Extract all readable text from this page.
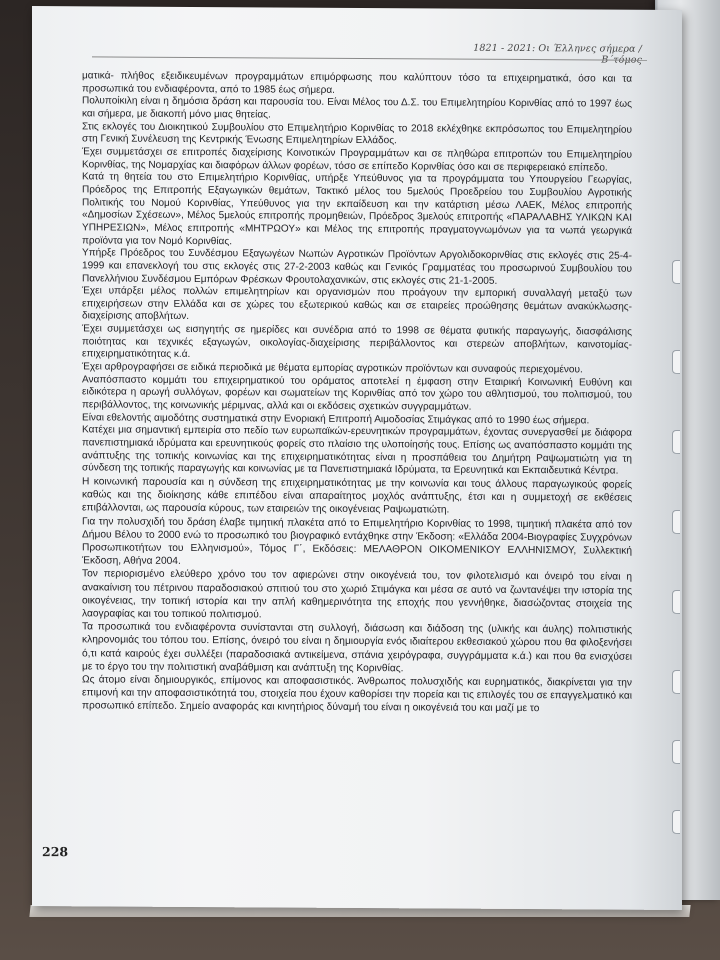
1821 - 2021: Οι Έλληνες σήμερα /

ματικά- πλήθος εξειδικευμένων προγραμμάτων επιμόρφωσης που καλύπτουν τόσο τα επιχειρηματικά, όσο και τα προσωπικά του ενδιαφέροντα, από το 1985 έως σήμερα.

Πολυποίκιλη είναι η δημόσια δράση και παρουσία του. Είναι Μέλος του Δ.Σ. του Επιμελητηρίου Κορινθίας από το 1997 έως και σήμερα, με διακοπή μόνο μιας θητείας.

Στις εκλογές του Διοικητικού Συμβουλίου στο Επιμελητήριο Κορινθίας το 2018 εκλέχθηκε εκπρόσωπος του Επιμελητηρίου στη Γενική Συνέλευση της Κεντρικής Ένωσης Επιμελητηρίων Ελλάδος.

Έχει συμμετάσχει σε επιτροπές διαχείρισης Κοινοτικών Προγραμμάτων και σε πληθώρα επιτροπών του Επιμελητηρίου Κορινθίας, της Νομαρχίας και διαφόρων άλλων φορέων, τόσο σε επίπεδο Κορινθίας όσο και σε περιφερειακό επίπεδο.

Κατά τη θητεία του στο Επιμελητήριο Κορινθίας, υπήρξε Υπεύθυνος για τα προγράμματα του Υπουργείου Γεωργίας, Πρόεδρος της Επιτροπής Εξαγωγικών θεμάτων, Τακτικό μέλος του 5μελούς Προεδρείου του Συμβουλίου Αγροτικής Πολιτικής του Νομού Κορινθίας, Υπεύθυνος για την εκπαίδευση και την κατάρτιση μέσω ΛΑΕΚ, Μέλος επιτροπής «Δημοσίων Σχέσεων», Μέλος 5μελούς επιτροπής προμηθειών, Πρόεδρος 3μελούς επιτροπής «ΠΑΡΑΛΑΒΗΣ ΥΛΙΚΩΝ ΚΑΙ ΥΠΗΡΕΣΙΩΝ», Μέλος επιτροπής «ΜΗΤΡΩΟΥ» και Μέλος της επιτροπής πραγματογνωμόνων για τα νωπά γεωργικά προϊόντα για τον Νομό Κορινθίας.

Υπήρξε Πρόεδρος του Συνδέσμου Εξαγωγέων Νωπών Αγροτικών Προϊόντων Αργολιδοκορινθίας στις εκλογές στις 25-4-1999 και επανεκλογή του στις εκλογές στις 27-2-2003 καθώς και Γενικός Γραμματέας του προσωρινού Συμβουλίου του Πανελλήνιου Συνδέσμου Εμπόρων Φρέσκων Φρουτολαχανικών, στις εκλογές στις 21-1-2005.

Έχει υπάρξει μέλος πολλών επιμελητηρίων και οργανισμών που προάγουν την εμπορική συναλλαγή μεταξύ των επιχειρήσεων στην Ελλάδα και σε χώρες του εξωτερικού καθώς και σε εταιρείες προώθησης θεμάτων ανακύκλωσης-διαχείρισης αποβλήτων.

Έχει συμμετάσχει ως εισηγητής σε ημερίδες και συνέδρια από το 1998 σε θέματα φυτικής παραγωγής, διασφάλισης ποιότητας και τεχνικές εξαγωγών, οικολογίας-διαχείρισης περιβάλλοντος και στερεών αποβλήτων, καινοτομίας-επιχειρηματικότητας κ.ά.

Έχει αρθρογραφήσει σε ειδικά περιοδικά με θέματα εμπορίας αγροτικών προϊόντων και συναφούς περιεχομένου.

Αναπόσπαστο κομμάτι του επιχειρηματικού του οράματος αποτελεί η έμφαση στην Εταιρική Κοινωνική Ευθύνη και ειδικότερα η αρωγή συλλόγων, φορέων και σωματείων της Κορινθίας από τον χώρο του αθλητισμού, του πολιτισμού, του περιβάλλοντος, της κοινωνικής μέριμνας, αλλά και οι εκδόσεις σχετικών συγγραμμάτων.

Είναι εθελοντής αιμοδότης συστηματικά στην Ενοριακή Επιτροπή Αιμοδοσίας Στιμάγκας από το 1990 έως σήμερα.

Κατέχει μια σημαντική εμπειρία στο πεδίο των ευρωπαϊκών-ερευνητικών προγραμμάτων, έχοντας συνεργασθεί με διάφορα πανεπιστημιακά ιδρύματα και ερευνητικούς φορείς στο πλαίσιο της υλοποίησής τους. Επίσης ως αναπόσπαστο κομμάτι της ανάπτυξης της τοπικής κοινωνίας και της επιχειρηματικότητας είναι η προσπάθεια του Δημήτρη Ραψωματιώτη για τη σύνδεση της τοπικής παραγωγής και κοινωνίας με τα Πανεπιστημιακά Ιδρύματα, τα Ερευνητικά και Εκπαιδευτικά Κέντρα.

Η κοινωνική παρουσία και η σύνδεση της επιχειρηματικότητας με την κοινωνία και τους άλλους παραγωγικούς φορείς καθώς και της διοίκησης κάθε επιπέδου είναι απαραίτητος μοχλός ανάπτυξης, έτσι και η συμμετοχή σε εκθέσεις επιβάλλονται, ως παρουσία κύρους, των εταιρειών της οικογένειας Ραψωματιώτη.

Για την πολυσχιδή του δράση έλαβε τιμητική πλακέτα από το Επιμελητήριο Κορινθίας το 1998, τιμητική πλακέτα από τον Δήμου Βέλου το 2000 ενώ το προσωπικό του βιογραφικό εντάχθηκε στην Έκδοση: «Ελλάδα 2004-Βιογραφίες Συγχρόνων Προσωπικοτήτων του Ελληνισμού», Τόμος Γ΄, Εκδόσεις: ΜΕΛΑΘΡΟΝ ΟΙΚΟΜΕΝΙΚΟΥ ΕΛΛΗΝΙΣΜΟΥ, Συλλεκτική Έκδοση, Αθήνα 2004.

Τον περιορισμένο ελεύθερο χρόνο του τον αφιερώνει στην οικογένειά του, τον φιλοτελισμό και όνειρό του είναι η ανακαίνιση του πέτρινου παραδοσιακού σπιτιού του στο χωριό Στιμάγκα και μέσα σε αυτό να ζωντανέψει την ιστορία της οικογένειας, την τοπική ιστορία και την απλή καθημερινότητα της εποχής που γεννήθηκε, διασώζοντας στοιχεία της λαογραφίας και του τοπικού πολιτισμού.

Τα προσωπικά του ενδιαφέροντα συνίστανται στη συλλογή, διάσωση και διάδοση της (υλικής και άυλης) πολιτιστικής κληρονομιάς του τόπου του. Επίσης, όνειρό του είναι η δημιουργία ενός ιδιαίτερου εκθεσιακού χώρου που θα φιλοξενήσει ό,τι κατά καιρούς έχει συλλέξει (παραδοσιακά αντικείμενα, σπάνια χειρόγραφα, συγγράμματα κ.ά.) και που θα ενισχύσει με το έργο του την πολιτιστική αναβάθμιση και ανάπτυξη της Κορινθίας.

Ως άτομο είναι δημιουργικός, επίμονος και αποφασιστικός. Άνθρωπος πολυσχιδής και ευρηματικός, διακρίνεται για την επιμονή και την αποφασιστικότητά του, στοιχεία που έχουν καθορίσει την πορεία και τις επιλογές του σε επαγγελματικό και προσωπικό επίπεδο. Σημείο αναφοράς και κινητήριος δύναμή του είναι η οικογένειά του και μαζί με το

228
